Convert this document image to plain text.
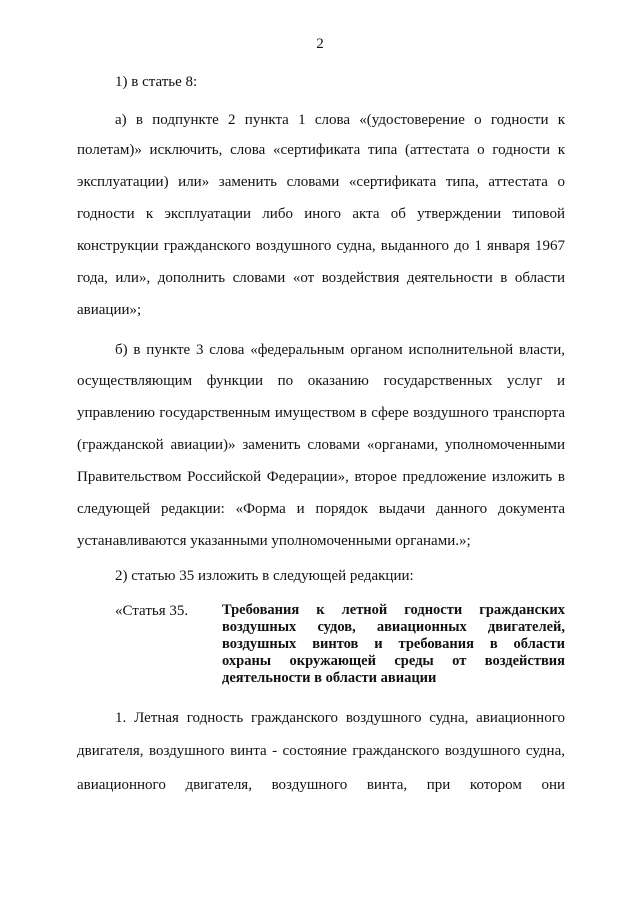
2
1) в статье 8:
а) в подпункте 2 пункта 1 слова «(удостоверение о годности к
полетам)» исключить, слова «сертификата типа (аттестата о годности к
эксплуатации) или» заменить словами «сертификата типа, аттестата о
годности к эксплуатации либо иного акта об утверждении типовой
конструкции гражданского воздушного судна, выданного до 1 января 1967
года, или», дополнить словами «от воздействия деятельности в области
авиации»;
б) в пункте 3 слова «федеральным органом исполнительной власти,
осуществляющим функции по оказанию государственных услуг и
управлению государственным имуществом в сфере воздушного транспорта
(гражданской авиации)» заменить словами «органами, уполномоченными
Правительством Российской Федерации», второе предложение изложить в
следующей редакции: «Форма и порядок выдачи данного документа
устанавливаются указанными уполномоченными органами.»;
2) статью 35 изложить в следующей редакции:
«Статья 35. Требования к летной годности гражданских
воздушных судов, авиационных двигателей,
воздушных винтов и требования в области
охраны окружающей среды от воздействия
деятельности в области авиации
1. Летная годность гражданского воздушного судна, авиационного
двигателя, воздушного винта - состояние гражданского воздушного судна,
авиационного двигателя, воздушного винта, при котором они
